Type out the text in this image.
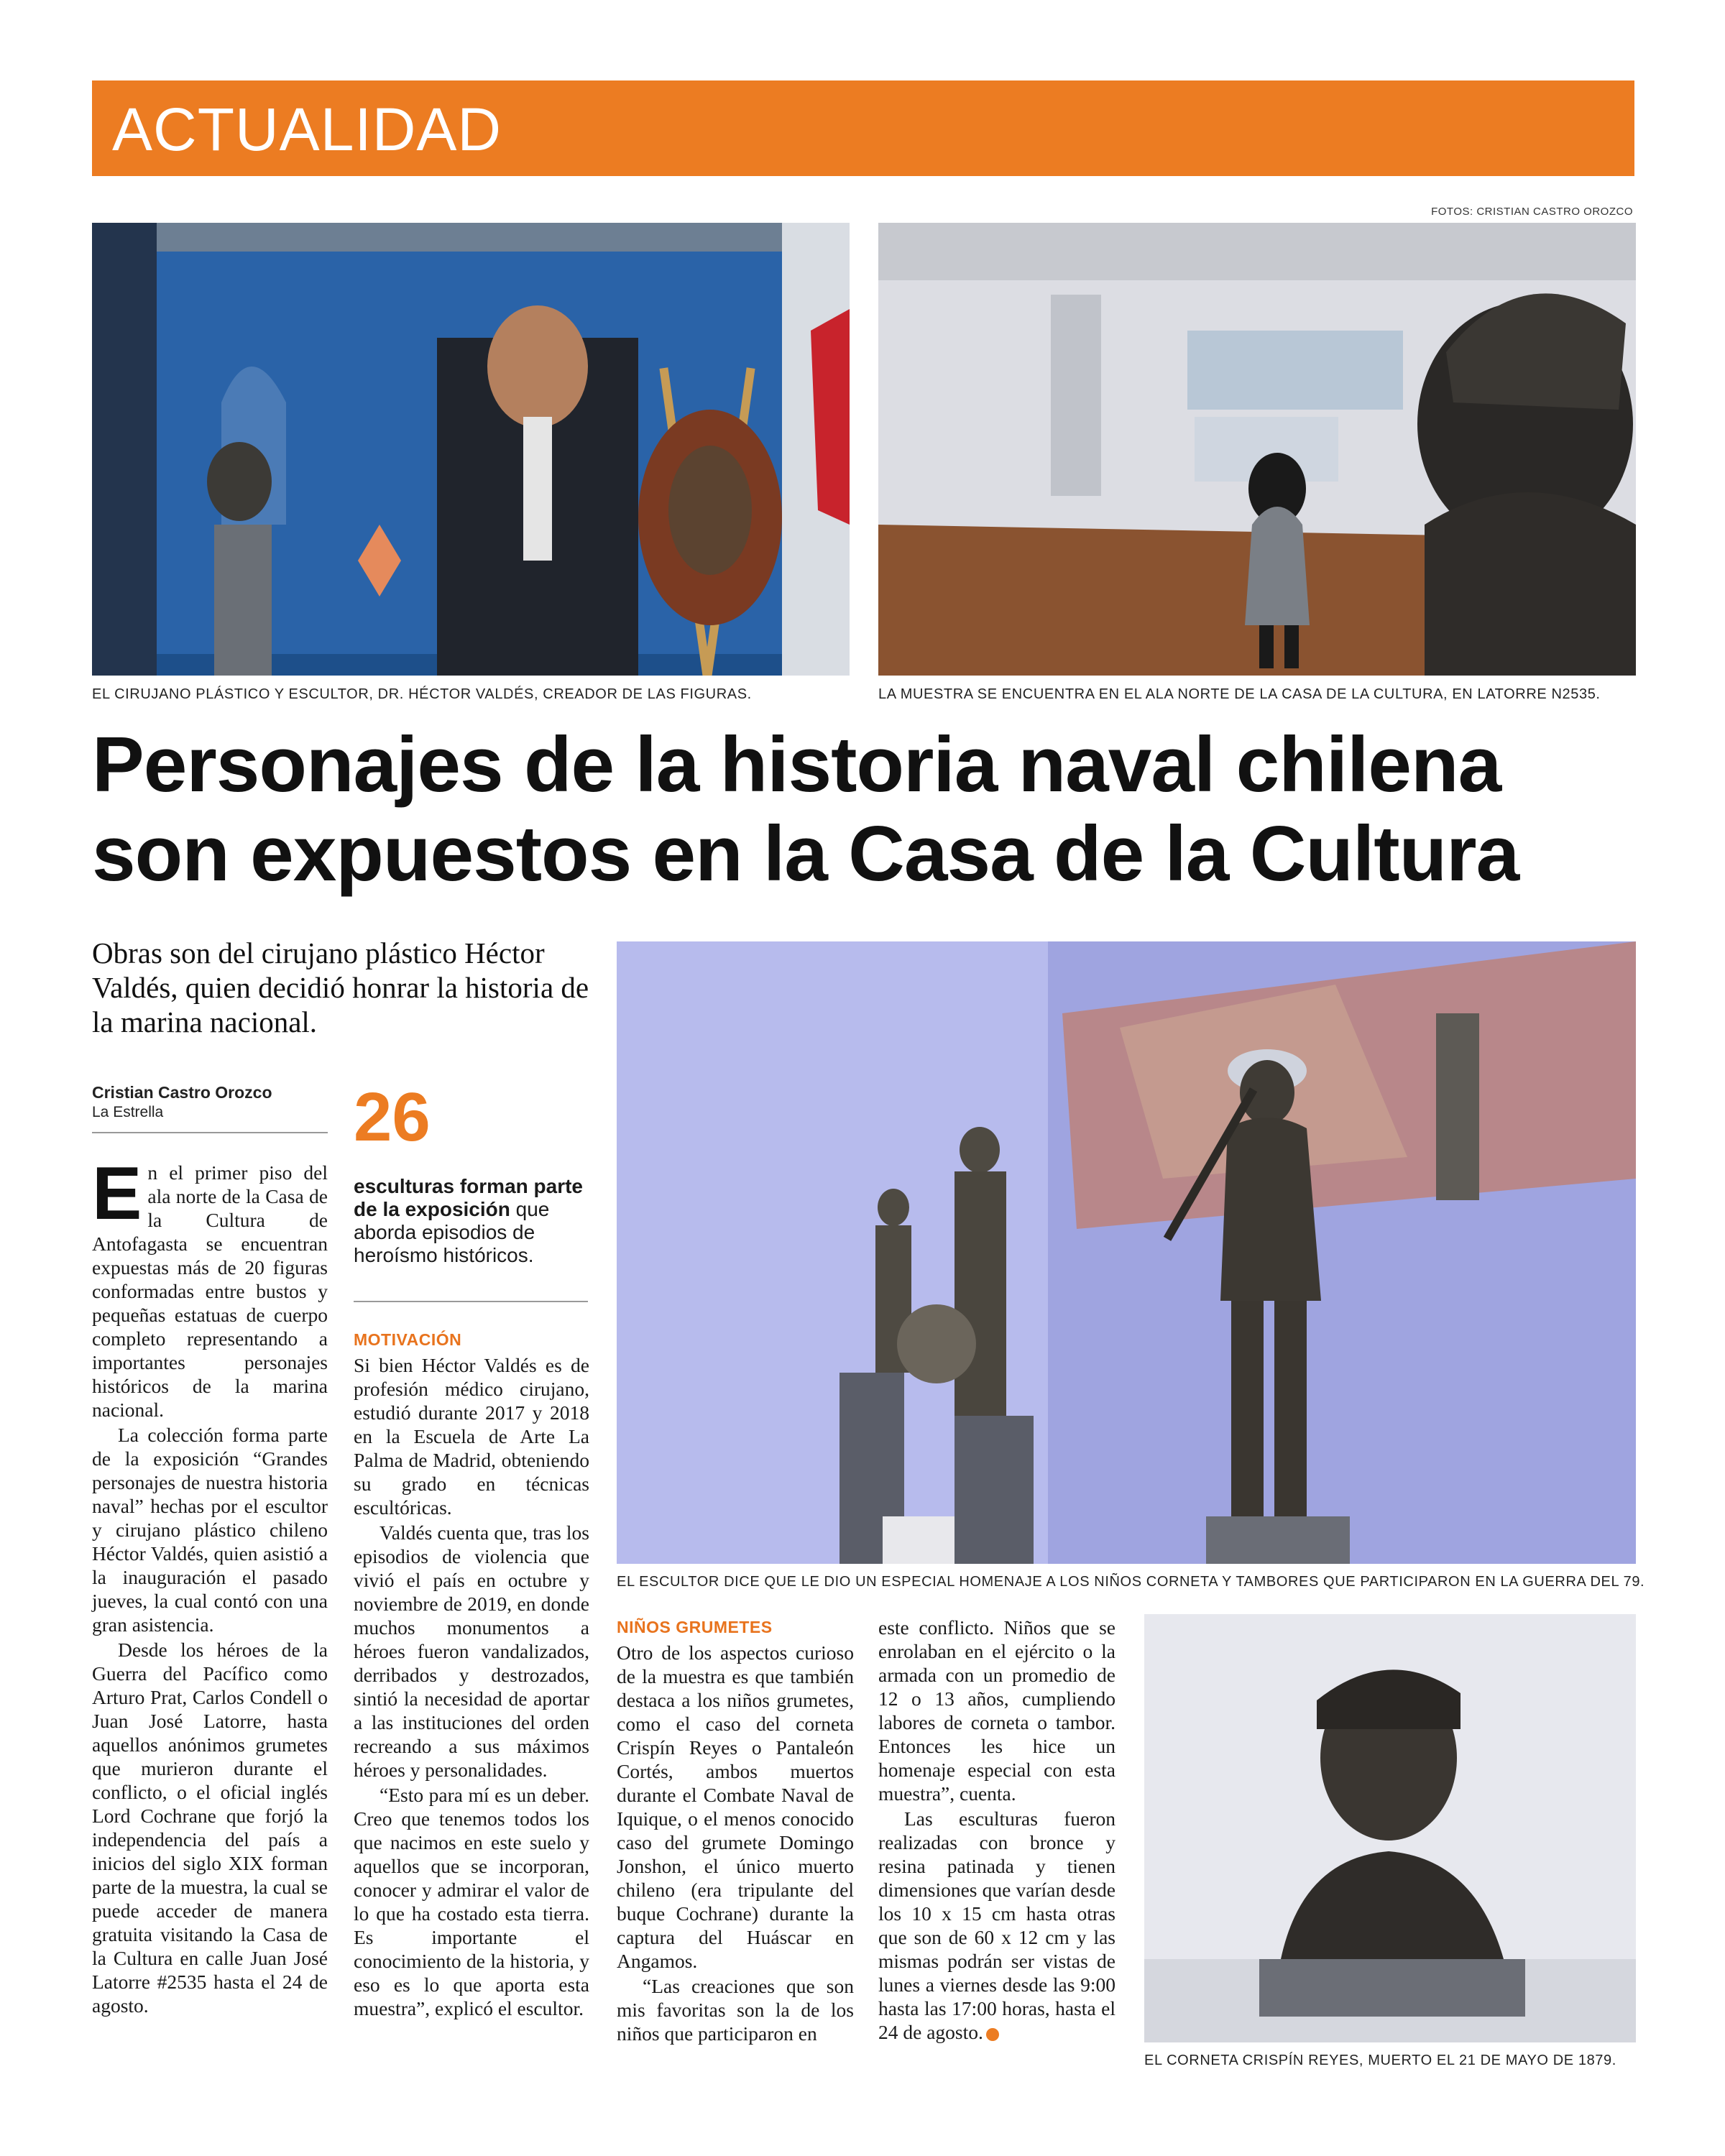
ACTUALIDAD
FOTOS: CRISTIAN CASTRO OROZCO
EL CIRUJANO PLÁSTICO Y ESCULTOR, DR. HÉCTOR VALDÉS, CREADOR DE LAS FIGURAS.	LA MUESTRA SE ENCUENTRA EN EL ALA NORTE DE LA CASA DE LA CULTURA, EN LATORRE N2535.
Personajes de la historia naval chilena
son expuestos en la Casa de la Cultura
Obras son del cirujano plástico Héctor Valdés, quien decidió honrar la historia de la marina nacional.
Cristian Castro Orozco
La Estrella	26
esculturas forman parte de la exposición que aborda episodios de heroísmo históricos.
EL ESCULTOR DICE QUE LE DIO UN ESPECIAL HOMENAJE A LOS NIÑOS CORNETA Y TAMBORES QUE PARTICIPARON EN LA GUERRA DEL 79.
EL CORNETA CRISPÍN REYES, MUERTO EL 21 DE MAYO DE 1879.

En el primer piso del ala norte de la Casa de la Cultura de Antofagasta se encuentran expuestas más de 20 figuras conformadas entre bustos y pequeñas estatuas de cuerpo completo representando a importantes personajes históricos de la marina nacional.

La colección forma parte de la exposición “Grandes personajes de nuestra historia naval” hechas por el escultor y cirujano plástico chileno Héctor Valdés, quien asistió a la inauguración el pasado jueves, la cual contó con una gran asistencia.

Desde los héroes de la Guerra del Pacífico como Arturo Prat, Carlos Condell o Juan José Latorre, hasta aquellos anónimos grumetes que murieron durante el conflicto, o el oficial inglés Lord Cochrane que forjó la independencia del país a inicios del siglo XIX forman parte de la muestra, la cual se puede acceder de manera gratuita visitando la Casa de la Cultura en calle Juan José Latorre #2535 hasta el 24 de agosto.

MOTIVACIÓN

Si bien Héctor Valdés es de profesión médico cirujano, estudió durante 2017 y 2018 en la Escuela de Arte La Palma de Madrid, obteniendo su grado en técnicas escultóricas.

Valdés cuenta que, tras los episodios de violencia que vivió el país en octubre y noviembre de 2019, en donde muchos monumentos a héroes fueron vandalizados, derribados y destrozados, sintió la necesidad de aportar a las instituciones del orden recreando a sus máximos héroes y personalidades.

“Esto para mí es un deber. Creo que tenemos todos los que nacimos en este suelo y aquellos que se incorporan, conocer y admirar el valor de lo que ha costado esta tierra. Es importante el conocimiento de la historia, y eso es lo que aporta esta muestra”, explicó el escultor.

NIÑOS GRUMETES

Otro de los aspectos curioso de la muestra es que también destaca a los niños grumetes, como el caso del corneta Crispín Reyes o Pantaleón Cortés, ambos muertos durante el Combate Naval de Iquique, o el menos conocido caso del grumete Domingo Jonshon, el único muerto chileno (era tripulante del buque Cochrane) durante la captura del Huáscar en Angamos.

“Las creaciones que son mis favoritas son la de los niños que participaron en

este conflicto. Niños que se enrolaban en el ejército o la armada con un promedio de 12 o 13 años, cumpliendo labores de corneta o tambor. Entonces les hice un homenaje especial con esta muestra”, cuenta.

Las esculturas fueron realizadas con bronce y resina patinada y tienen dimensiones que varían desde los 10 x 15 cm hasta otras que son de 60 x 12 cm y las mismas podrán ser vistas de lunes a viernes desde las 9:00 hasta las 17:00 horas, hasta el 24 de agosto.
